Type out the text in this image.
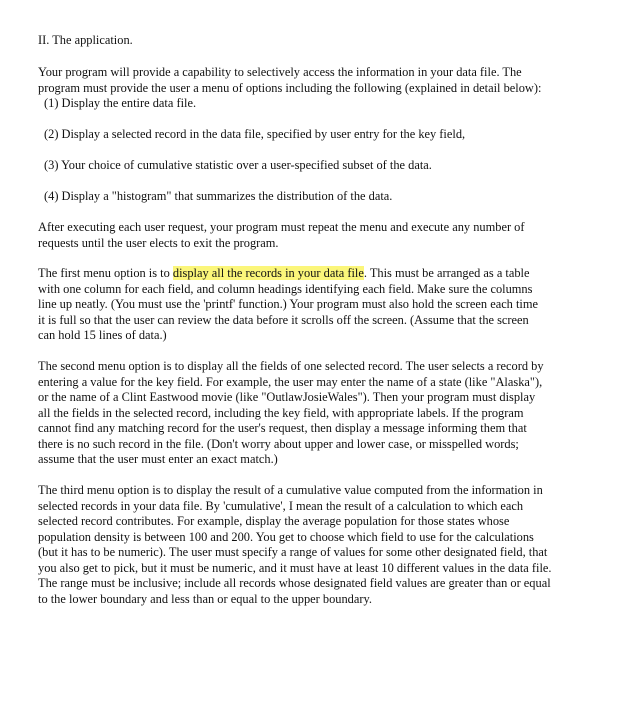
II. The application.

Your program will provide a capability to selectively access the information in your data file. The
program must provide the user a menu of options including the following (explained in detail below):
(1) Display the entire data file.
(2) Display a selected record in the data file, specified by user entry for the key field,
(3) Your choice of cumulative statistic over a user-specified subset of the data.
(4) Display a "histogram" that summarizes the distribution of the data.
After executing each user request, your program must repeat the menu and execute any number of
requests until the user elects to exit the program.
The first menu option is to display all the records in your data file. This must be arranged as a table
with one column for each field, and column headings identifying each field. Make sure the columns
line up neatly. (You must use the 'printf' function.) Your program must also hold the screen each time
it is full so that the user can review the data before it scrolls off the screen. (Assume that the screen
can hold 15 lines of data.)
The second menu option is to display all the fields of one selected record. The user selects a record by
entering a value for the key field. For example, the user may enter the name of a state (like "Alaska"),
or the name of a Clint Eastwood movie (like "OutlawJosieWales"). Then your program must display
all the fields in the selected record, including the key field, with appropriate labels. If the program
cannot find any matching record for the user's request, then display a message informing them that
there is no such record in the file. (Don't worry about upper and lower case, or misspelled words;
assume that the user must enter an exact match.)
The third menu option is to display the result of a cumulative value computed from the information in
selected records in your data file. By 'cumulative', I mean the result of a calculation to which each
selected record contributes. For example, display the average population for those states whose
population density is between 100 and 200. You get to choose which field to use for the calculations
(but it has to be numeric). The user must specify a range of values for some other designated field, that
you also get to pick, but it must be numeric, and it must have at least 10 different values in the data file.
The range must be inclusive; include all records whose designated field values are greater than or equal
to the lower boundary and less than or equal to the upper boundary.
